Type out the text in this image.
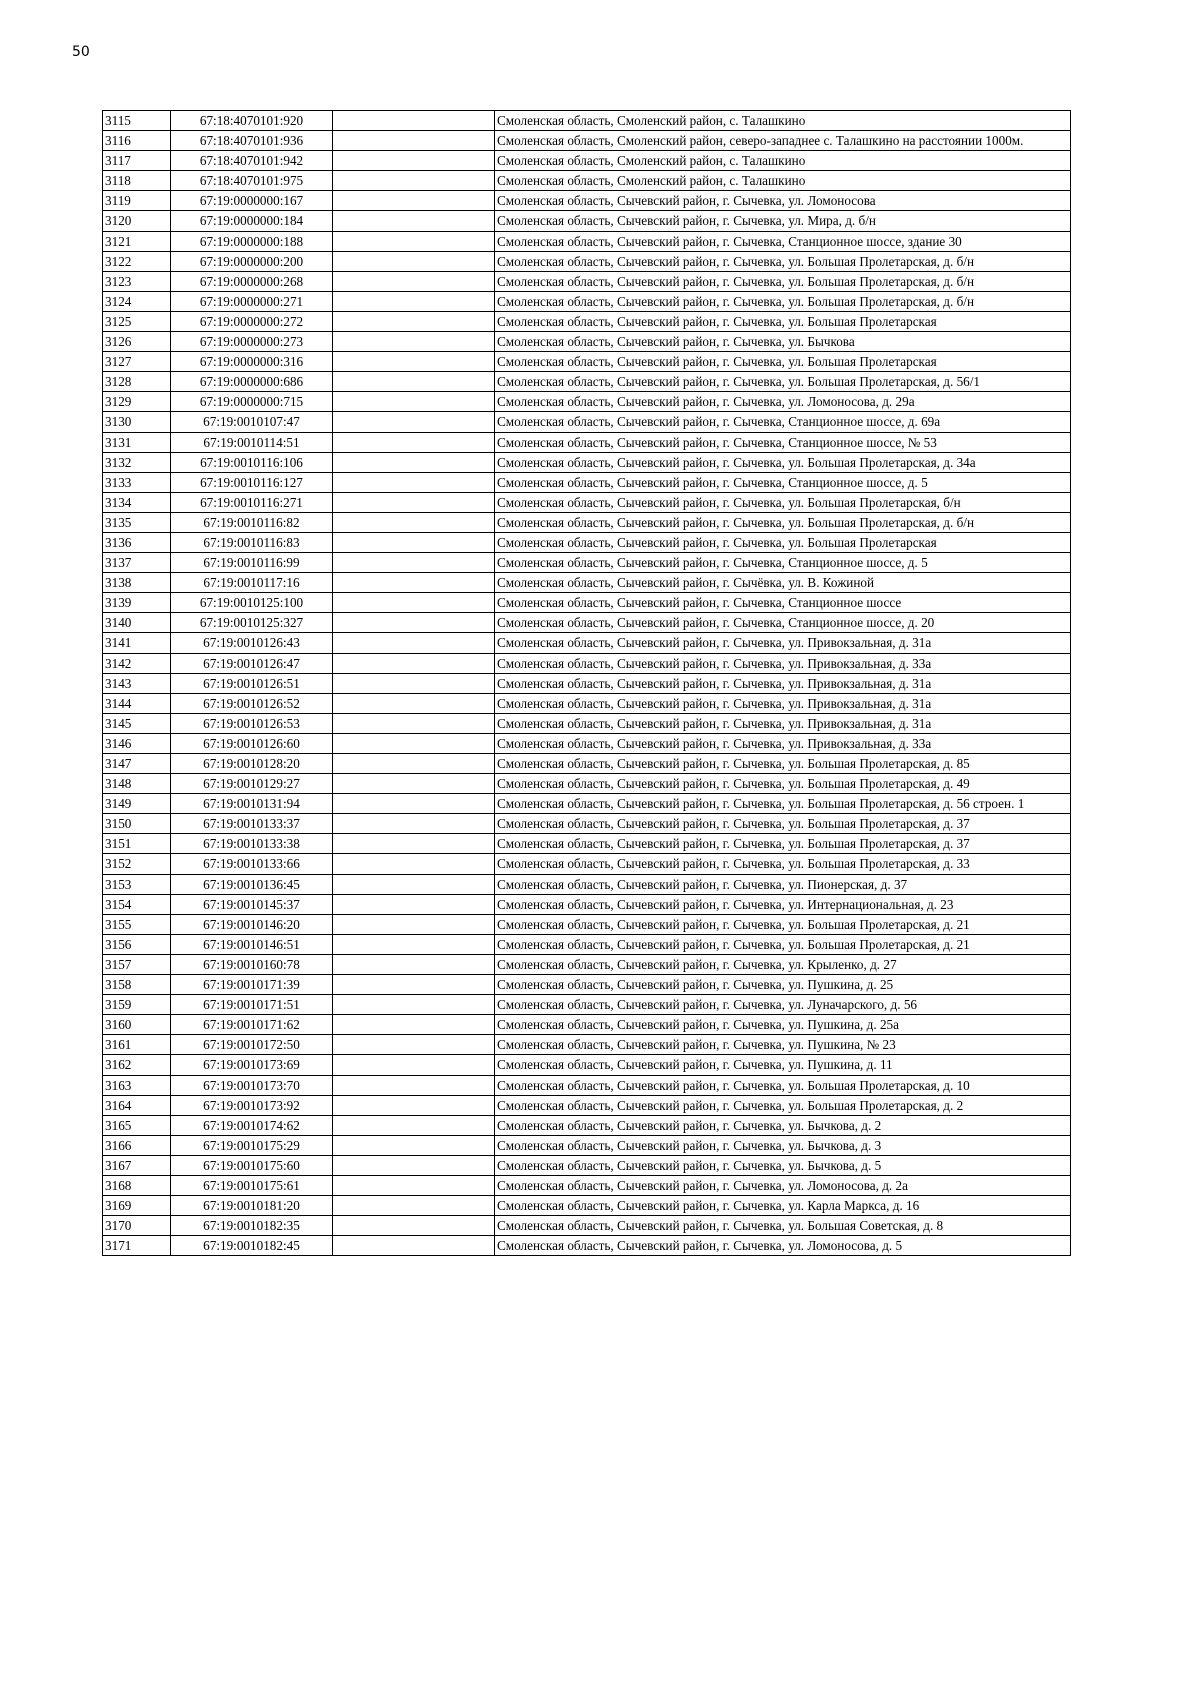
50
3115	67:18:4070101:920		Смоленская область, Смоленский район, с. Талашкино
3116	67:18:4070101:936		Смоленская область, Смоленский район, северо-западнее с. Талашкино на расстоянии 1000м.
3117	67:18:4070101:942		Смоленская область, Смоленский район, с. Талашкино
3118	67:18:4070101:975		Смоленская область, Смоленский район, с. Талашкино
3119	67:19:0000000:167		Смоленская область, Сычевский район, г. Сычевка, ул. Ломоносова
3120	67:19:0000000:184		Смоленская область, Сычевский район, г. Сычевка, ул. Мира, д. б/н
3121	67:19:0000000:188		Смоленская область, Сычевский район, г. Сычевка, Станционное шоссе, здание 30
3122	67:19:0000000:200		Смоленская область, Сычевский район, г. Сычевка, ул. Большая Пролетарская, д. б/н
3123	67:19:0000000:268		Смоленская область, Сычевский район, г. Сычевка, ул. Большая Пролетарская, д. б/н
3124	67:19:0000000:271		Смоленская область, Сычевский район, г. Сычевка, ул. Большая Пролетарская, д. б/н
3125	67:19:0000000:272		Смоленская область, Сычевский район, г. Сычевка, ул. Большая Пролетарская
3126	67:19:0000000:273		Смоленская область, Сычевский район, г. Сычевка, ул. Бычкова
3127	67:19:0000000:316		Смоленская область, Сычевский район, г. Сычевка, ул. Большая Пролетарская
3128	67:19:0000000:686		Смоленская область, Сычевский район, г. Сычевка, ул. Большая Пролетарская, д. 56/1
3129	67:19:0000000:715		Смоленская область, Сычевский район, г. Сычевка, ул. Ломоносова, д. 29а
3130	67:19:0010107:47		Смоленская область, Сычевский район, г. Сычевка, Станционное шоссе, д. 69а
3131	67:19:0010114:51		Смоленская область, Сычевский район, г. Сычевка, Станционное шоссе, № 53
3132	67:19:0010116:106		Смоленская область, Сычевский район, г. Сычевка, ул. Большая Пролетарская, д. 34а
3133	67:19:0010116:127		Смоленская область, Сычевский район, г. Сычевка, Станционное шоссе, д. 5
3134	67:19:0010116:271		Смоленская область, Сычевский район, г. Сычевка, ул. Большая Пролетарская, б/н
3135	67:19:0010116:82		Смоленская область, Сычевский район, г. Сычевка, ул. Большая Пролетарская, д. б/н
3136	67:19:0010116:83		Смоленская область, Сычевский район, г. Сычевка, ул. Большая Пролетарская
3137	67:19:0010116:99		Смоленская область, Сычевский район, г. Сычевка, Станционное шоссе, д. 5
3138	67:19:0010117:16		Смоленская область, Сычевский район, г. Сычёвка, ул. В. Кожиной
3139	67:19:0010125:100		Смоленская область, Сычевский район, г. Сычевка, Станционное шоссе
3140	67:19:0010125:327		Смоленская область, Сычевский район, г. Сычевка, Станционное шоссе, д. 20
3141	67:19:0010126:43		Смоленская область, Сычевский район, г. Сычевка, ул. Привокзальная, д. 31а
3142	67:19:0010126:47		Смоленская область, Сычевский район, г. Сычевка, ул. Привокзальная, д. 33а
3143	67:19:0010126:51		Смоленская область, Сычевский район, г. Сычевка, ул. Привокзальная, д. 31а
3144	67:19:0010126:52		Смоленская область, Сычевский район, г. Сычевка, ул. Привокзальная, д. 31а
3145	67:19:0010126:53		Смоленская область, Сычевский район, г. Сычевка, ул. Привокзальная, д. 31а
3146	67:19:0010126:60		Смоленская область, Сычевский район, г. Сычевка, ул. Привокзальная, д. 33а
3147	67:19:0010128:20		Смоленская область, Сычевский район, г. Сычевка, ул. Большая Пролетарская, д. 85
3148	67:19:0010129:27		Смоленская область, Сычевский район, г. Сычевка, ул. Большая Пролетарская, д. 49
3149	67:19:0010131:94		Смоленская область, Сычевский район, г. Сычевка, ул. Большая Пролетарская, д. 56 строен. 1
3150	67:19:0010133:37		Смоленская область, Сычевский район, г. Сычевка, ул. Большая Пролетарская, д. 37
3151	67:19:0010133:38		Смоленская область, Сычевский район, г. Сычевка, ул. Большая Пролетарская, д. 37
3152	67:19:0010133:66		Смоленская область, Сычевский район, г. Сычевка, ул. Большая Пролетарская, д. 33
3153	67:19:0010136:45		Смоленская область, Сычевский район, г. Сычевка, ул. Пионерская, д. 37
3154	67:19:0010145:37		Смоленская область, Сычевский район, г. Сычевка, ул. Интернациональная, д. 23
3155	67:19:0010146:20		Смоленская область, Сычевский район, г. Сычевка, ул. Большая Пролетарская, д. 21
3156	67:19:0010146:51		Смоленская область, Сычевский район, г. Сычевка, ул. Большая Пролетарская, д. 21
3157	67:19:0010160:78		Смоленская область, Сычевский район, г. Сычевка, ул. Крыленко, д. 27
3158	67:19:0010171:39		Смоленская область, Сычевский район, г. Сычевка, ул. Пушкина, д. 25
3159	67:19:0010171:51		Смоленская область, Сычевский район, г. Сычевка, ул. Луначарского, д. 56
3160	67:19:0010171:62		Смоленская область, Сычевский район, г. Сычевка, ул. Пушкина, д. 25а
3161	67:19:0010172:50		Смоленская область, Сычевский район, г. Сычевка, ул. Пушкина, № 23
3162	67:19:0010173:69		Смоленская область, Сычевский район, г. Сычевка, ул. Пушкина, д. 11
3163	67:19:0010173:70		Смоленская область, Сычевский район, г. Сычевка, ул. Большая Пролетарская, д. 10
3164	67:19:0010173:92		Смоленская область, Сычевский район, г. Сычевка, ул. Большая Пролетарская, д. 2
3165	67:19:0010174:62		Смоленская область, Сычевский район, г. Сычевка, ул. Бычкова, д. 2
3166	67:19:0010175:29		Смоленская область, Сычевский район, г. Сычевка, ул. Бычкова, д. 3
3167	67:19:0010175:60		Смоленская область, Сычевский район, г. Сычевка, ул. Бычкова, д. 5
3168	67:19:0010175:61		Смоленская область, Сычевский район, г. Сычевка, ул. Ломоносова, д. 2а
3169	67:19:0010181:20		Смоленская область, Сычевский район, г. Сычевка, ул. Карла Маркса, д. 16
3170	67:19:0010182:35		Смоленская область, Сычевский район, г. Сычевка, ул. Большая Советская, д. 8
3171	67:19:0010182:45		Смоленская область, Сычевский район, г. Сычевка, ул. Ломоносова, д. 5
